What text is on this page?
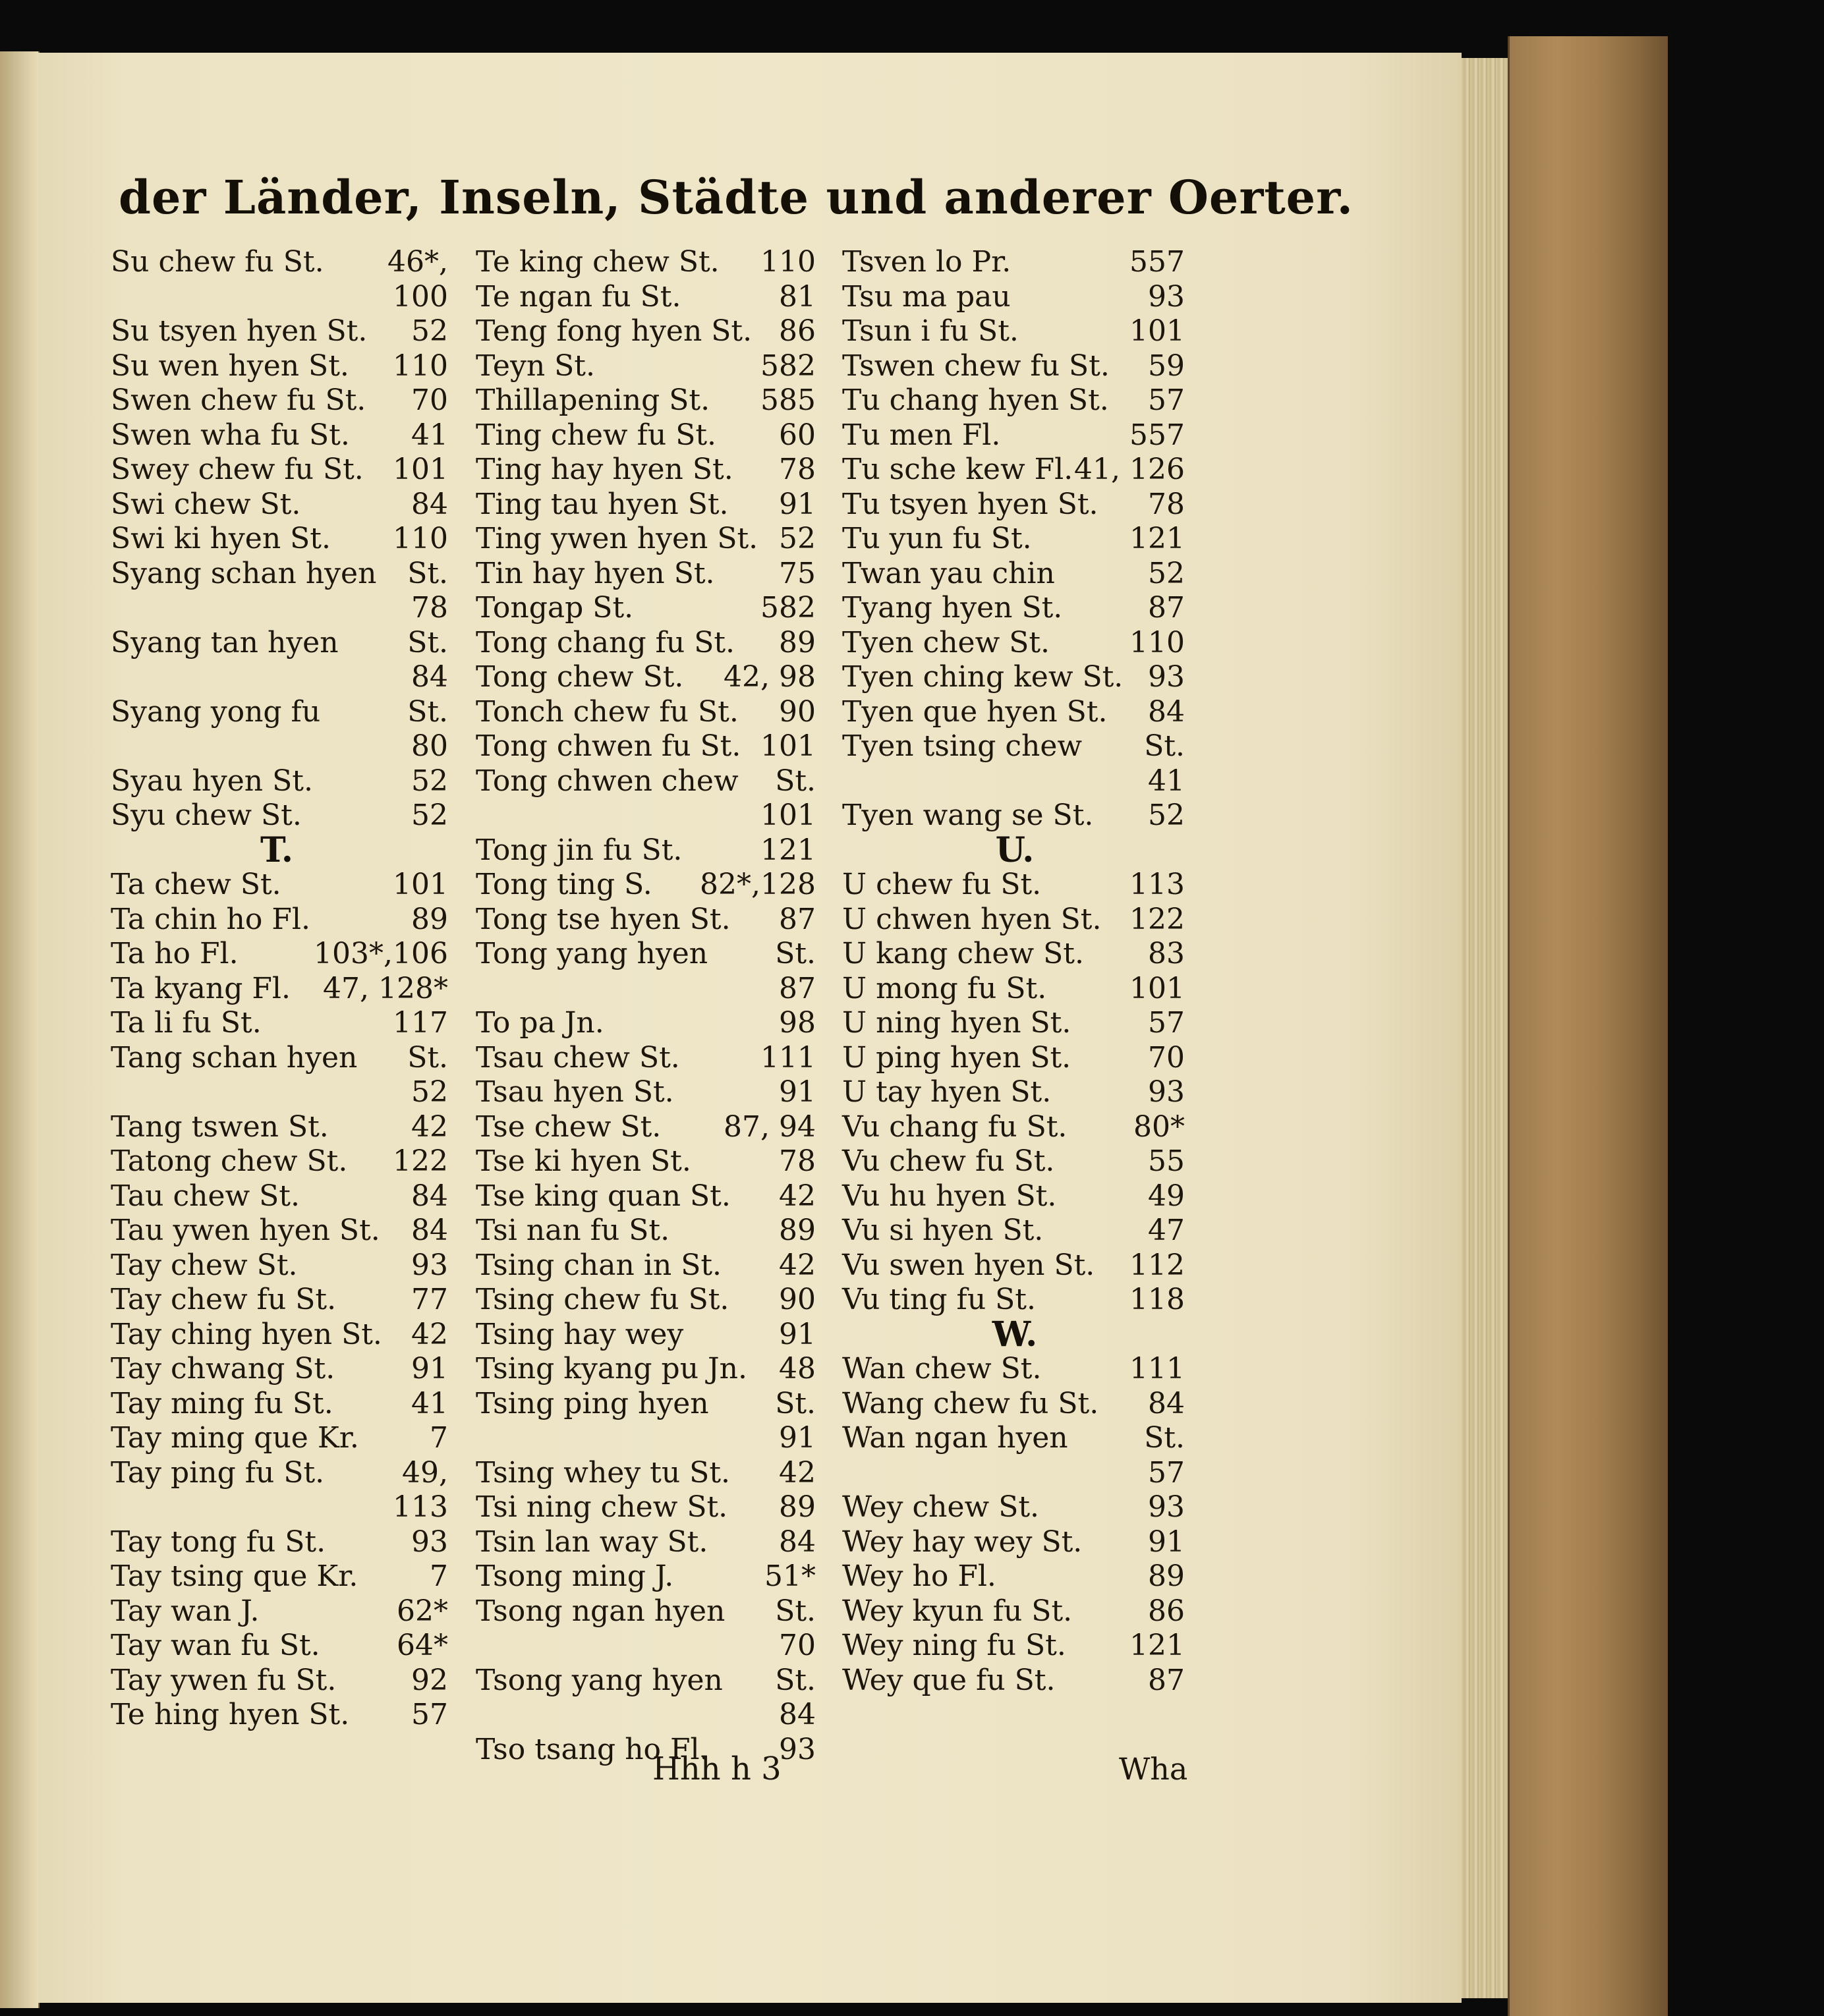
der Länder, Inseln, Städte und anderer Oerter.
Su chew fu St. 46*,
100
Su tsyen hyen St. 52
Su wen hyen St. 110
Swen chew fu St. 70
Swen wha fu St. 41
Swey chew fu St. 101
Swi chew St.	84
Swi ki hyen St. 110
Syang schan hyen St.
78
Syang tan hyen St.
84
Syang yong fu	St.
80
Syau hyen St.	52
Syu chew St.	52
T.
Ta chew St.	101
Ta chin ho Fl.	89
Ta ho Fl.	103*,106
Ta kyang Fl. 47, 128*
Ta li fu St.	117
Tang schan hyen St.
52
Tang tswen St.	42
Tatong chew St. 122
Tau chew St.	84
Tau ywen hyen St. 84
Tay chew St.	93
Tay chew fu St.	77
Tay ching hyen St. 42
Tay chwang St.	91
Tay ming fu St.	41
Tay ming que Kr. 7
Tay ping fu St.	49,
113
Tay tong fu St.	93
Tay tsing que Kr. 7
Tay wan J.	62*
Tay wan fu St.	64*
Tay ywen fu St.	92
Te hing hyen St. 57
Te king chew St. 110
Te ngan fu St.	81
Teng fong hyen St. 86
Teyn St.	582
Thillapening St. 585
Ting chew fu St. 60
Ting hay hyen St. 78
Ting tau hyen St. 91
Ting ywen hyen St. 52
Tin hay hyen St. 75
Tongap St.	582
Tong chang fu St. 89
Tong chew St. 42, 98
Tonch chew fu St. 90
Tong chwen fu St. 101
Tong chwen chew St.
101
Tong jin fu St.	121
Tong ting S. 82*,128
Tong tse hyen St. 87
Tong yang hyen St.
87
To pa Jn.	98
Tsau chew St.	111
Tsau hyen St.	91
Tse chew St. 87, 94
Tse ki hyen St.	78
Tse king quan St. 42
Tsi nan fu St.	89
Tsing chan in St. 42
Tsing chew fu St. 90
Tsing hay wey	91
Tsing kyang pu Jn. 48
Tsing ping hyen St.
91
Tsing whey tu St. 42
Tsi ning chew St. 89
Tsin lan way St. 84
Tsong ming J.	51*
Tsong ngan hyen St.
70
Tsong yang hyen St.
84
Tso tsang ho Fl. 93
Tsven lo Pr.	557
Tsu ma pau	93
Tsun i fu St.	101
Tswen chew fu St. 59
Tu chang hyen St. 57
Tu men Fl.	557
Tu sche kew Fl. 41, 126
Tu tsyen hyen St. 78
Tu yun fu St.	121
Twan yau chin	52
Tyang hyen St.	87
Tyen chew St.	110
Tyen ching kew St. 93
Tyen que hyen St. 84
Tyen tsing chew St.
41
Tyen wang se St. 52
U.
U chew fu St.	113
U chwen hyen St. 122
U kang chew St. 83
U mong fu St.	101
U ning hyen St.	57
U ping hyen St.	70
U tay hyen St.	93
Vu chang fu St. 80*
Vu chew fu St.	55
Vu hu hyen St.	49
Vu si hyen St.	47
Vu swen hyen St. 112
Vu ting fu St.	118
W.
Wan chew St.	111
Wang chew fu St. 84
Wan ngan hyen	St.
57
Wey chew St.	93
Wey hay wey St. 91
Wey ho Fl.	89
Wey kyun fu St.	86
Wey ning fu St. 121
Wey que fu St.	87
Hhh h 3	Wha
